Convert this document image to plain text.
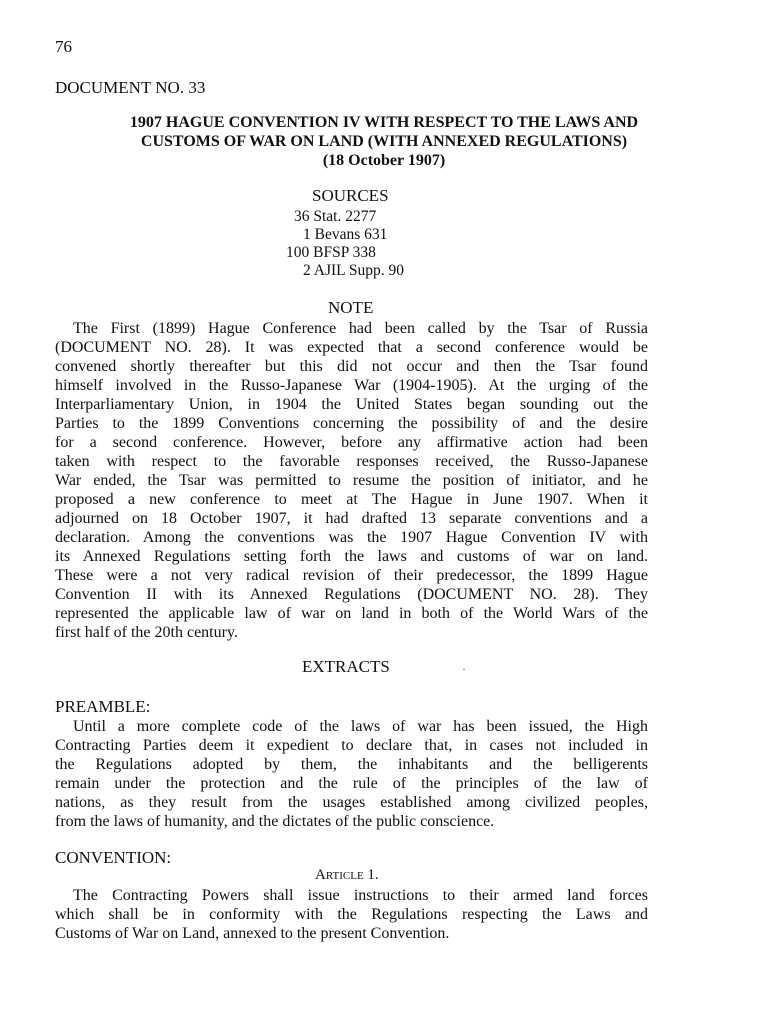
76
DOCUMENT NO. 33
1907 HAGUE CONVENTION IV WITH RESPECT TO THE LAWS AND
CUSTOMS OF WAR ON LAND (WITH ANNEXED REGULATIONS)
(18 October 1907)
SOURCES
36 Stat. 2277
1 Bevans 631
100 BFSP 338
2 AJIL Supp. 90
NOTE
The First (1899) Hague Conference had been called by the Tsar of Russia
(DOCUMENT NO. 28). It was expected that a second conference would be
convened shortly thereafter but this did not occur and then the Tsar found
himself involved in the Russo-Japanese War (1904-1905). At the urging of the
Interparliamentary Union, in 1904 the United States began sounding out the
Parties to the 1899 Conventions concerning the possibility of and the desire
for a second conference. However, before any affirmative action had been
taken with respect to the favorable responses received, the Russo-Japanese
War ended, the Tsar was permitted to resume the position of initiator, and he
proposed a new conference to meet at The Hague in June 1907. When it
adjourned on 18 October 1907, it had drafted 13 separate conventions and a
declaration. Among the conventions was the 1907 Hague Convention IV with
its Annexed Regulations setting forth the laws and customs of war on land.
These were a not very radical revision of their predecessor, the 1899 Hague
Convention II with its Annexed Regulations (DOCUMENT NO. 28). They
represented the applicable law of war on land in both of the World Wars of the
first half of the 20th century.
EXTRACTS	·
PREAMBLE:
Until a more complete code of the laws of war has been issued, the High
Contracting Parties deem it expedient to declare that, in cases not included in
the Regulations adopted by them, the inhabitants and the belligerents
remain under the protection and the rule of the principles of the law of
nations, as they result from the usages established among civilized peoples,
from the laws of humanity, and the dictates of the public conscience.
CONVENTION:
Article 1.
The Contracting Powers shall issue instructions to their armed land forces
which shall be in conformity with the Regulations respecting the Laws and
Customs of War on Land, annexed to the present Convention.
